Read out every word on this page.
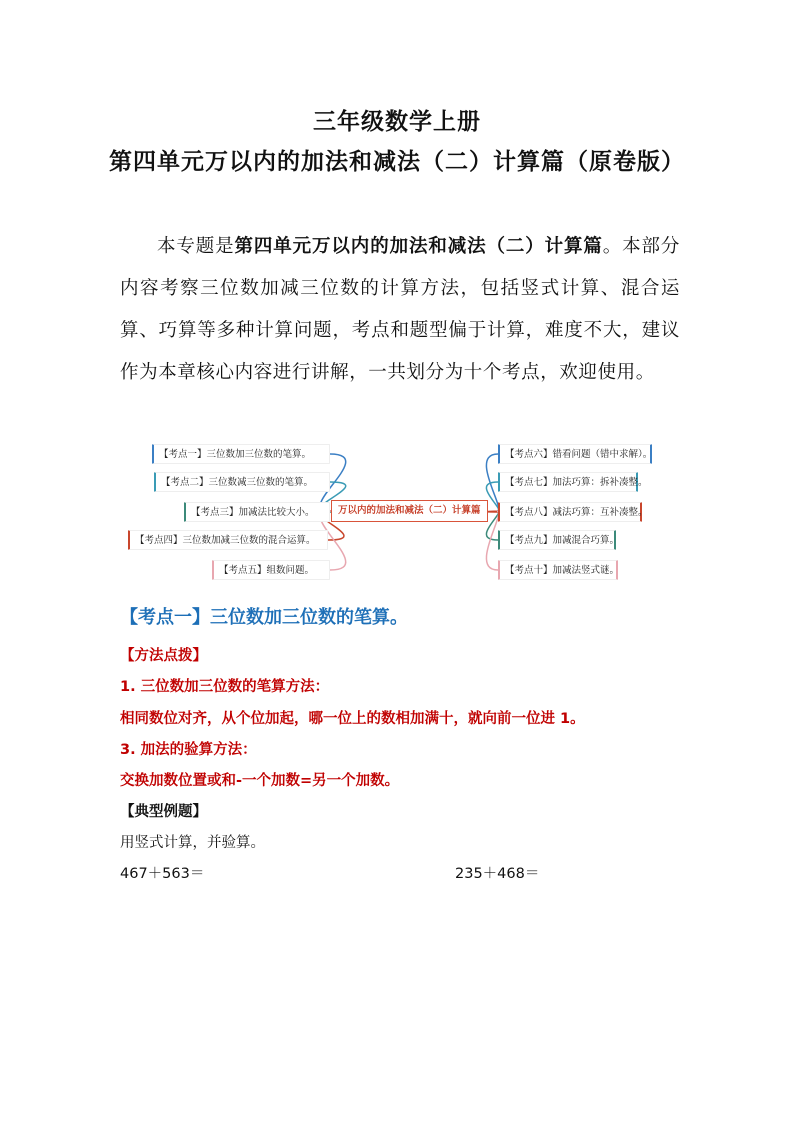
三年级数学上册
第四单元万以内的加法和减法（二）计算篇（原卷版）
本专题是第四单元万以内的加法和减法（二）计算篇。本部分内容考察三位数加减三位数的计算方法，包括竖式计算、混合运算、巧算等多种计算问题，考点和题型偏于计算，难度不大，建议作为本章核心内容进行讲解，一共划分为十个考点，欢迎使用。
万以内的加法和减法（二）计算篇
【考点一】三位数加三位数的笔算。
【考点二】三位数减三位数的笔算。
【考点三】加减法比较大小。
【考点四】三位数加减三位数的混合运算。
【考点五】组数问题。
【考点六】错看问题（错中求解）。
【考点七】加法巧算：拆补凑整。
【考点八】减法巧算：互补凑整。
【考点九】加减混合巧算。
【考点十】加减法竖式谜。
【考点一】三位数加三位数的笔算。
【方法点拨】
1. 三位数加三位数的笔算方法：
相同数位对齐，从个位加起，哪一位上的数相加满十，就向前一位进 1。
3. 加法的验算方法：
交换加数位置或和-一个加数=另一个加数。
【典型例题】
用竖式计算，并验算。
467＋563＝	235＋468＝
